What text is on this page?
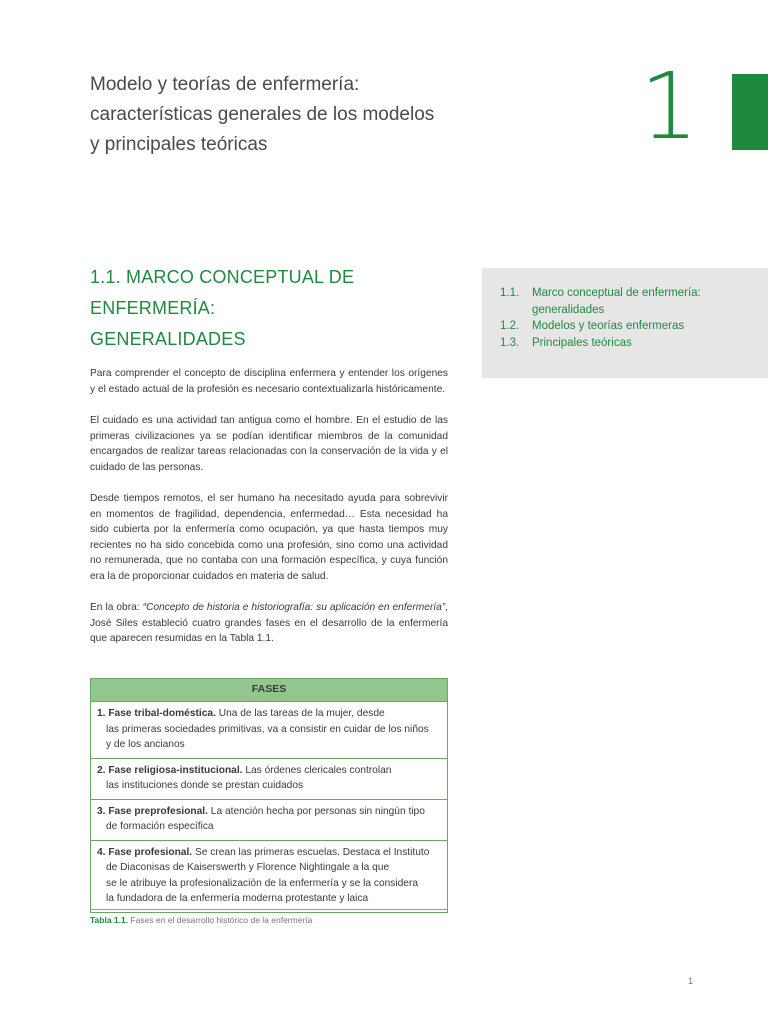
Modelo y teorías de enfermería:
características generales de los modelos
y principales teóricas	1
1.1. MARCO CONCEPTUAL DE ENFERMERÍA:
GENERALIDADES
1.1.	Marco conceptual de enfermería: generalidades
1.2.	Modelos y teorías enfermeras
1.3.	Principales teóricas

Para comprender el concepto de disciplina enfermera y entender los orígenes y el estado actual de la profesión es necesario contextualizarla históricamente.

El cuidado es una actividad tan antigua como el hombre. En el estudio de las primeras civilizaciones ya se podían identificar miembros de la comunidad encargados de realizar tareas relacionadas con la conservación de la vida y el cuidado de las personas.

Desde tiempos remotos, el ser humano ha necesitado ayuda para sobrevivir en momentos de fragilidad, dependencia, enfermedad… Esta necesidad ha sido cubierta por la enfermería como ocupación, ya que hasta tiempos muy recientes no ha sido concebida como una profesión, sino como una actividad no remunerada, que no contaba con una formación específica, y cuya función era la de proporcionar cuidados en materia de salud.

En la obra: “Concepto de historia e historiografía: su aplicación en enfermería”, José Siles estableció cuatro grandes fases en el desarrollo de la enfermería que aparecen resumidas en la Tabla 1.1.

FASES

1. Fase tribal-doméstica. Una de las tareas de la mujer, desde
las primeras sociedades primitivas, va a consistir en cuidar de los niños
y de los ancianos

2. Fase religiosa-institucional. Las órdenes clericales controlan
las instituciones donde se prestan cuidados

3. Fase preprofesional. La atención hecha por personas sin ningún tipo
de formación específica

4. Fase profesional. Se crean las primeras escuelas. Destaca el Instituto
de Diaconisas de Kaiserswerth y Florence Nightingale a la que
se le atribuye la profesionalización de la enfermería y se la considera
la fundadora de la enfermería moderna protestante y laica
Tabla 1.1. Fases en el desarrollo histórico de la enfermería
1
